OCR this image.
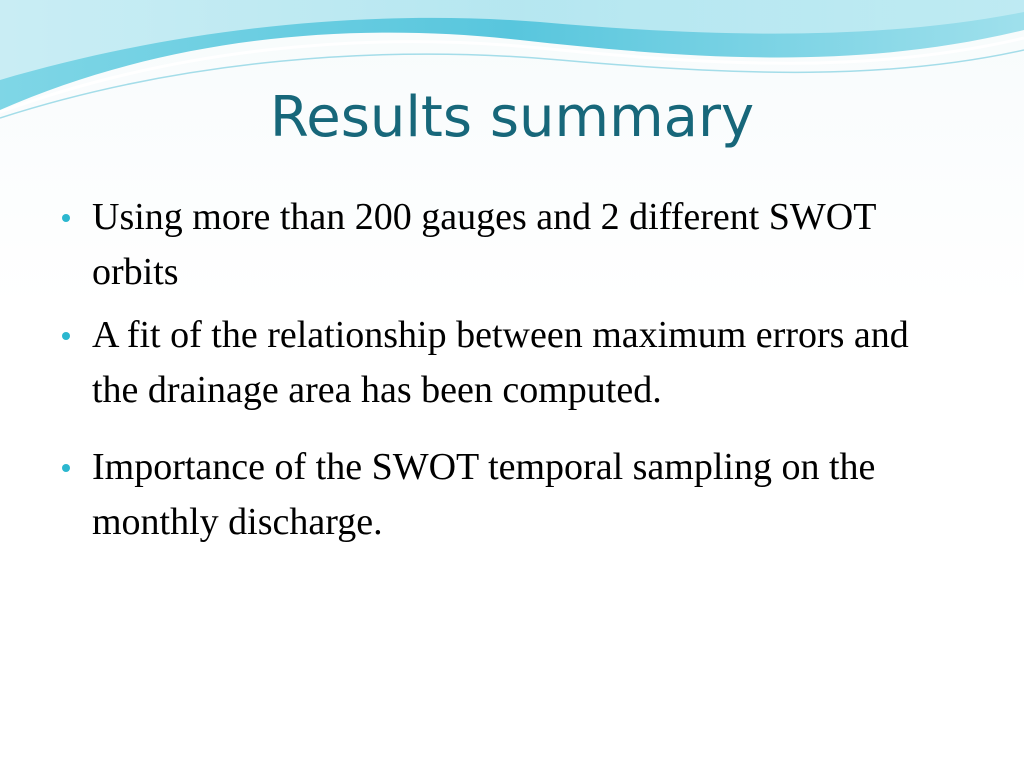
Results summary
Using more than 200 gauges and 2 different SWOT orbits
A fit of the relationship between maximum errors and the drainage area has been computed.
Importance of the SWOT temporal sampling on the monthly discharge.
